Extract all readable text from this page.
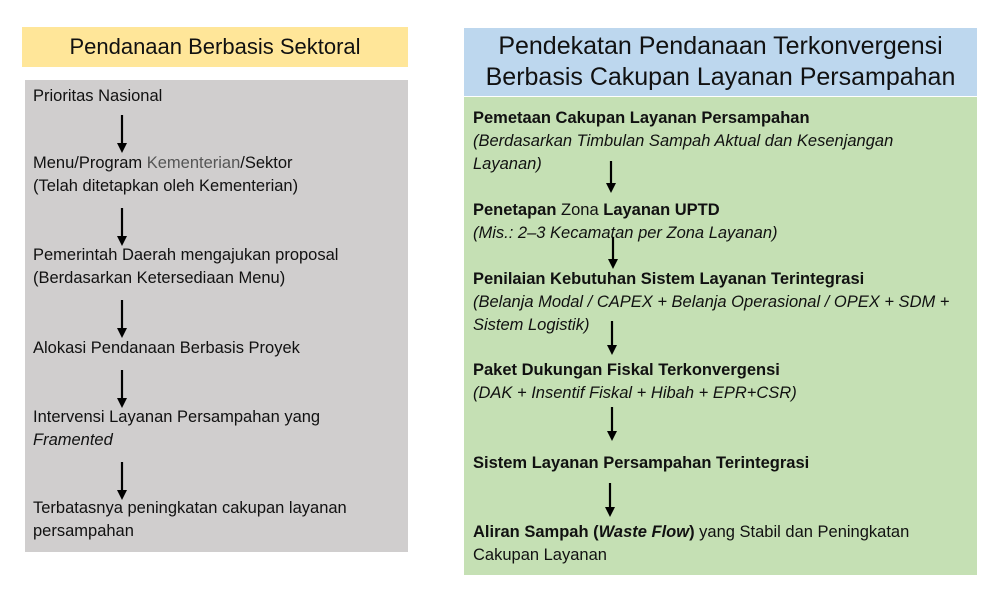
Pendanaan Berbasis Sektoral	Pendekatan Pendanaan Terkonvergensi
Berbasis Cakupan Layanan Persampahan
Prioritas Nasional
Menu/Program Kementerian/Sektor
(Telah ditetapkan oleh Kementerian)
Pemerintah Daerah mengajukan proposal
(Berdasarkan Ketersediaan Menu)
Alokasi Pendanaan Berbasis Proyek
Intervensi Layanan Persampahan yang
Framented
Terbatasnya peningkatan cakupan layanan
persampahan
Pemetaan Cakupan Layanan Persampahan
(Berdasarkan Timbulan Sampah Aktual dan Kesenjangan
Layanan)
Penetapan Zona Layanan UPTD
(Mis.: 2–3 Kecamatan per Zona Layanan)
Penilaian Kebutuhan Sistem Layanan Terintegrasi
(Belanja Modal / CAPEX + Belanja Operasional / OPEX + SDM +
Sistem Logistik)
Paket Dukungan Fiskal Terkonvergensi
(DAK + Insentif Fiskal + Hibah + EPR+CSR)
Sistem Layanan Persampahan Terintegrasi
Aliran Sampah (Waste Flow) yang Stabil dan Peningkatan
Cakupan Layanan
